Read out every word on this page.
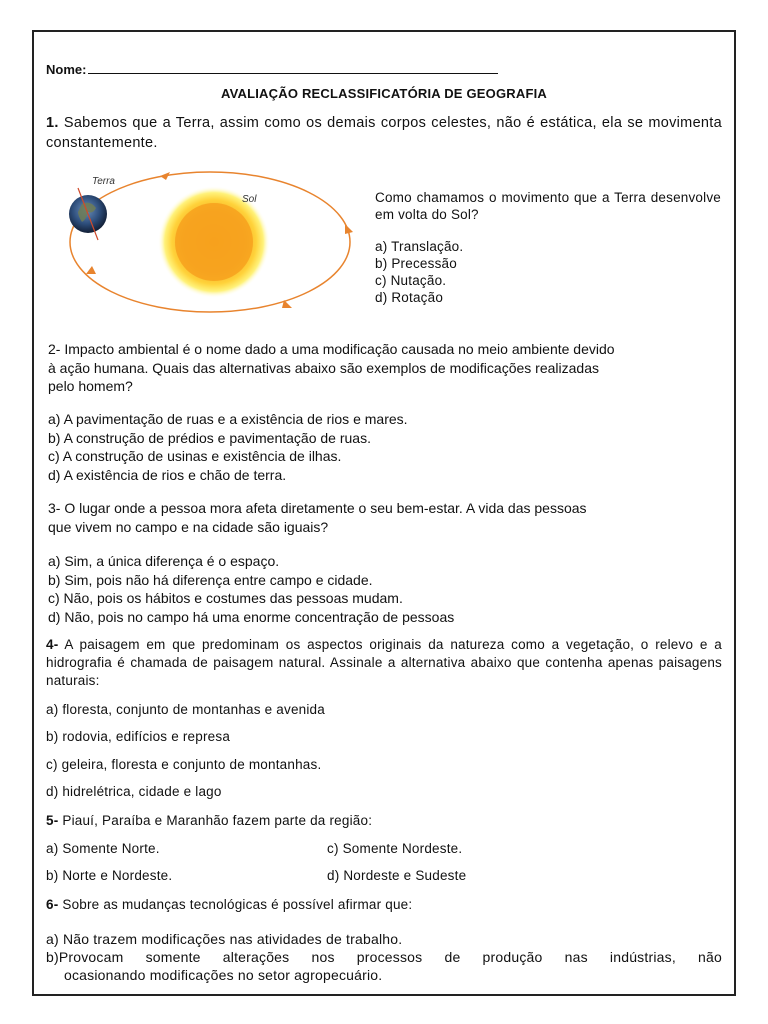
Nome:
AVALIAÇÃO RECLASSIFICATÓRIA DE GEOGRAFIA
1. Sabemos que a Terra, assim como os demais corpos celestes, não é estática, ela se movimenta constantemente.
Terra
Sol	Como chamamos o movimento que a Terra desenvolve em volta do Sol?
a) Translação.
b) Precessão
c) Nutação.
d) Rotação
2- Impacto ambiental é o nome dado a uma modificação causada no meio ambiente devido
à ação humana. Quais das alternativas abaixo são exemplos de modificações realizadas
pelo homem?
a) A pavimentação de ruas e a existência de rios e mares.
b) A construção de prédios e pavimentação de ruas.
c) A construção de usinas e existência de ilhas.
d) A existência de rios e chão de terra.
3- O lugar onde a pessoa mora afeta diretamente o seu bem-estar. A vida das pessoas
que vivem no campo e na cidade são iguais?
a) Sim, a única diferença é o espaço.
b) Sim, pois não há diferença entre campo e cidade.
c) Não, pois os hábitos e costumes das pessoas mudam.
d) Não, pois no campo há uma enorme concentração de pessoas
4- A paisagem em que predominam os aspectos originais da natureza como a vegetação, o relevo e a hidrografia é chamada de paisagem natural. Assinale a alternativa abaixo que contenha apenas paisagens naturais:
a) floresta, conjunto de montanhas e avenida
b) rodovia, edifícios e represa
c) geleira, floresta e conjunto de montanhas.
d) hidrelétrica, cidade e lago
5- Piauí, Paraíba e Maranhão fazem parte da região:
a) Somente Norte.	c) Somente Nordeste.
b) Norte e Nordeste.	d) Nordeste e Sudeste
6- Sobre as mudanças tecnológicas é possível afirmar que:
a) Não trazem modificações nas atividades de trabalho.
b)Provocam somente alterações nos processos de produção nas indústrias, não
ocasionando modificações no setor agropecuário.
